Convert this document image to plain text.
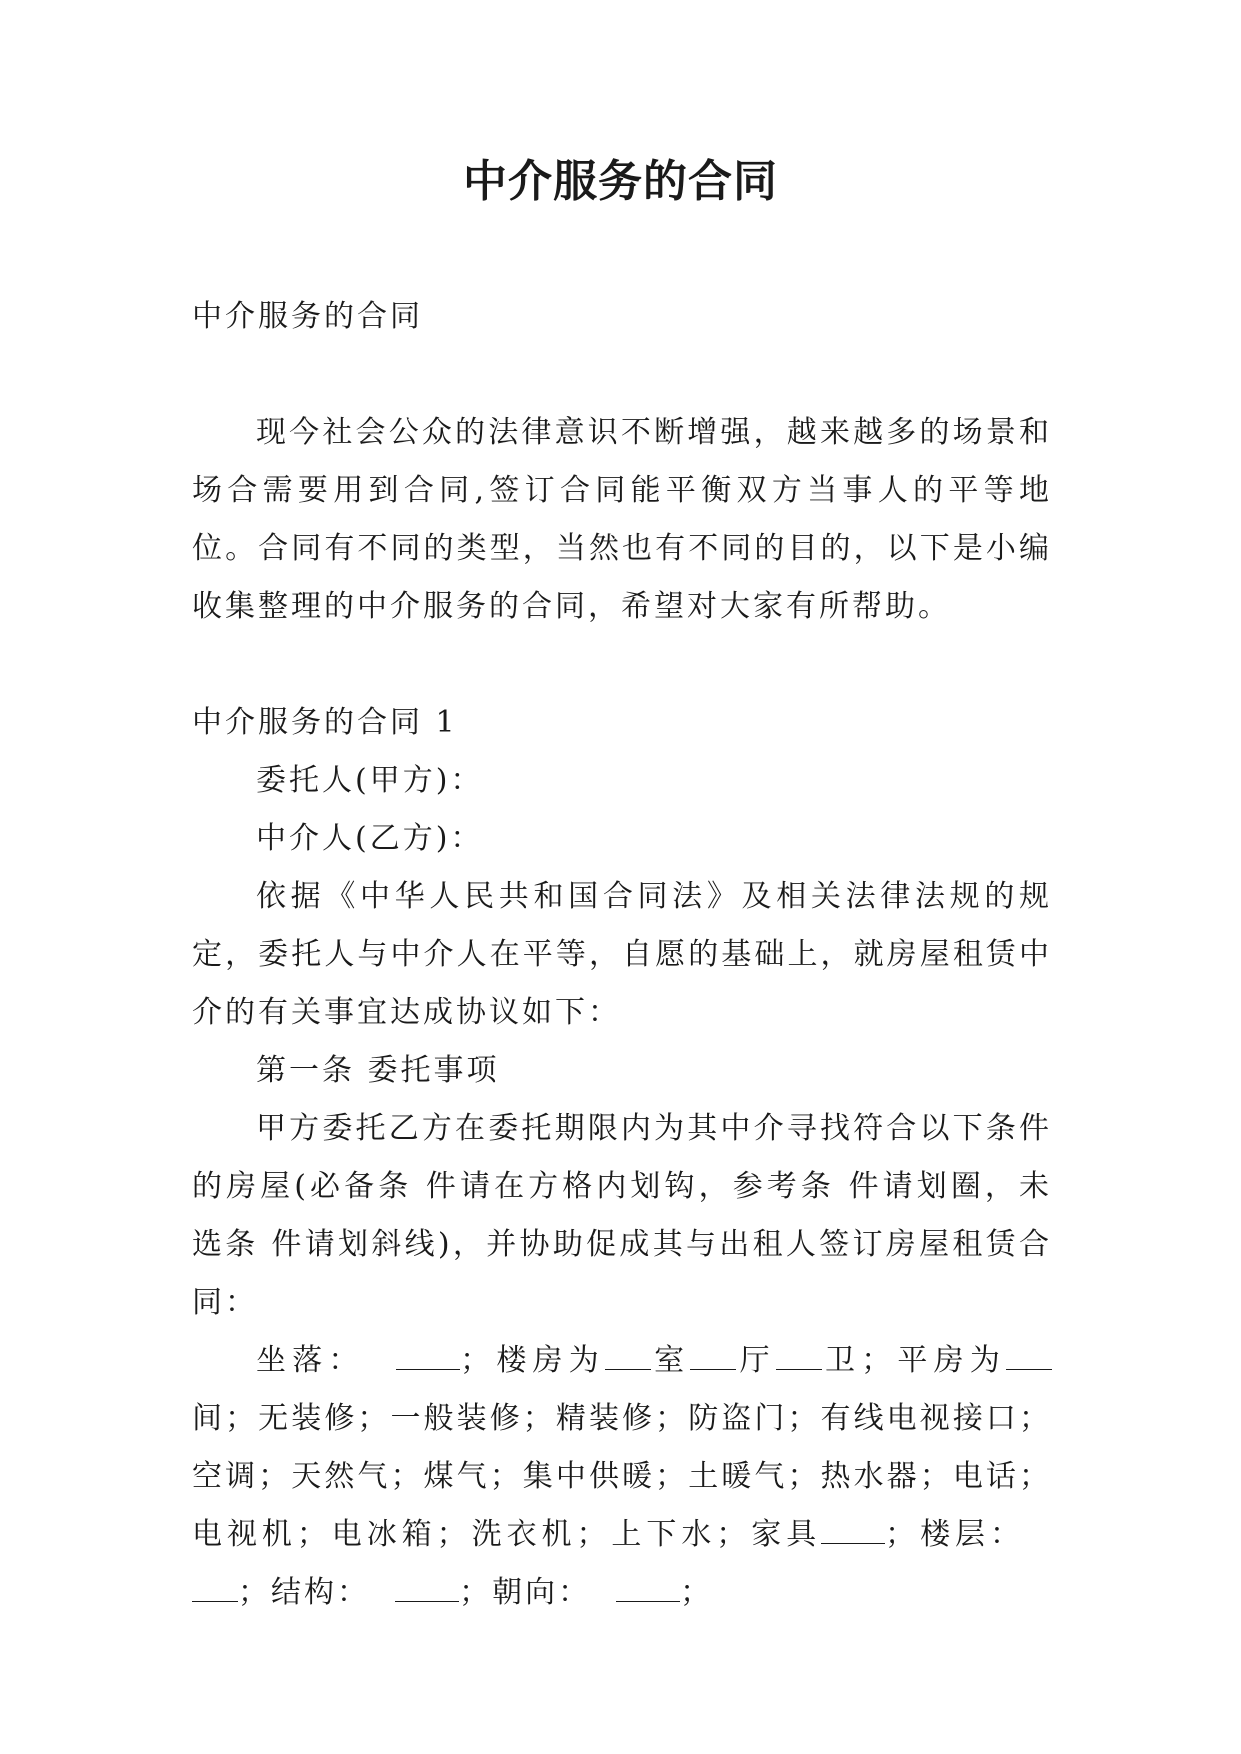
中介服务的合同

中介服务的合同

现今社会公众的法律意识不断增强，越来越多的场景和场合需要用到合同,签订合同能平衡双方当事人的平等地位。合同有不同的类型，当然也有不同的目的，以下是小编收集整理的中介服务的合同，希望对大家有所帮助。

中介服务的合同 1

委托人(甲方)：

中介人(乙方)：

依据《中华人民共和国合同法》及相关法律法规的规定，委托人与中介人在平等，自愿的基础上，就房屋租赁中介的有关事宜达成协议如下：

第一条 委托事项

甲方委托乙方在委托期限内为其中介寻找符合以下条件的房屋(必备条 件请在方格内划钩，参考条 件请划圈，未选条 件请划斜线)，并协助促成其与出租人签订房屋租赁合同：

坐落：	；楼房为 室 厅 卫；平房为间；无装修；一般装修；精装修；防盗门；有线电视接口；空调；天然气；煤气；集中供暖；土暖气；热水器；电话；电视机；电冰箱；洗衣机；上下水；家具 ；楼层：  ；结构：	；朝向：	；
